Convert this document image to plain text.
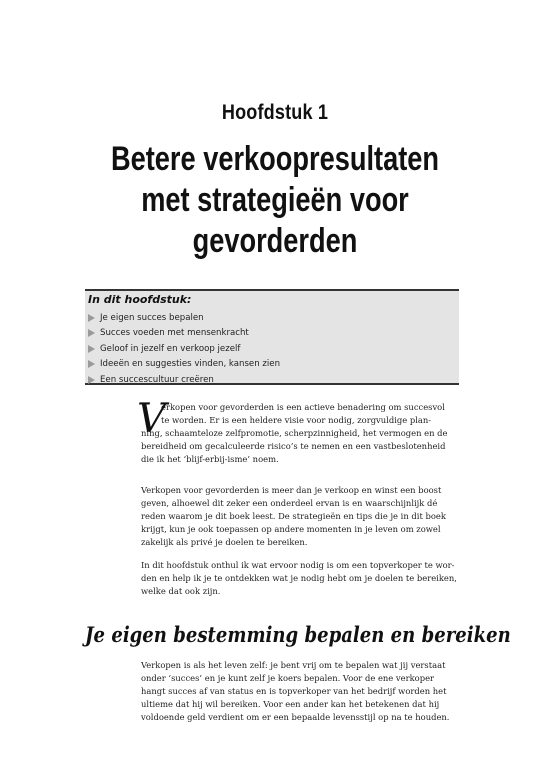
Hoofdstuk 1
Betere verkoopresultaten
met strategieën voor
gevorderden
In dit hoofdstuk:
Je eigen succes bepalen
Succes voeden met mensenkracht
Geloof in jezelf en verkoop jezelf
Ideeën en suggesties vinden, kansen zien
Een succescultuur creëren
V
erkopen voor gevorderden is een actieve benadering om succesvol
te worden. Er is een heldere visie voor nodig, zorgvuldige plan-
ning, schaamteloze zelfpromotie, scherpzinnigheid, het vermogen en de
bereidheid om gecalculeerde risico’s te nemen en een vastbeslotenheid
die ik het ‘blijf-erbij-isme’ noem.
Verkopen voor gevorderden is meer dan je verkoop en winst een boost
geven, alhoewel dit zeker een onderdeel ervan is en waarschijnlijk dé
reden waarom je dit boek leest. De strategieën en tips die je in dit boek
krijgt, kun je ook toepassen op andere momenten in je leven om zowel
zakelijk als privé je doelen te bereiken.
In dit hoofdstuk onthul ik wat ervoor nodig is om een topverkoper te wor-
den en help ik je te ontdekken wat je nodig hebt om je doelen te bereiken,
welke dat ook zijn.
Je eigen bestemming bepalen en bereiken
Verkopen is als het leven zelf: je bent vrij om te bepalen wat jij verstaat
onder ‘succes’ en je kunt zelf je koers bepalen. Voor de ene verkoper
hangt succes af van status en is topverkoper van het bedrijf worden het
ultieme dat hij wil bereiken. Voor een ander kan het betekenen dat hij
voldoende geld verdient om er een bepaalde levensstijl op na te houden.
